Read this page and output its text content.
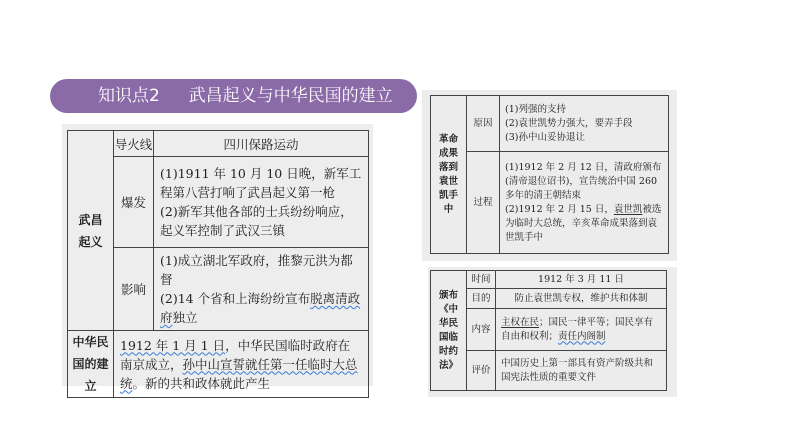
知识点2 武昌起义与中华民国的建立
武昌起义	导火线	四川保路运动
	爆发	(1)1911 年 10 月 10 日晚，新军工程第八营打响了武昌起义第一枪
(2)新军其他各部的士兵纷纷响应，起义军控制了武汉三镇

	影响	(1)成立湖北军政府，推黎元洪为都督
(2)14 个省和上海纷纷宣布脱离清政府独立

中华民国的建立	1912 年 1 月 1 日，中华民国临时政府在南京成立，孙中山宣誓就任第一任临时大总统。新的共和政体就此产生	
革命成果落到袁世凯手中	原因	(1)列强的支持
(2)袁世凯势力强大，要弄手段
(3)孙中山妥协退让

	过程	(1)1912 年 2 月 12 日，清政府颁布(清帝退位诏书)，宣告统治中国 260 多年的清王朝结束
(2)1912 年 2 月 15 日，袁世凯被选为临时大总统，辛亥革命成果落到袁世凯手中
颁布《中华民国临时约法》	时间	1912 年 3 月 11 日
	目的	防止袁世凯专权，维护共和体制
	内容	主权在民；国民一律平等；国民享有自由和权利；责任内阁制
	评价	中国历史上第一部具有资产阶级共和国宪法性质的重要文件
